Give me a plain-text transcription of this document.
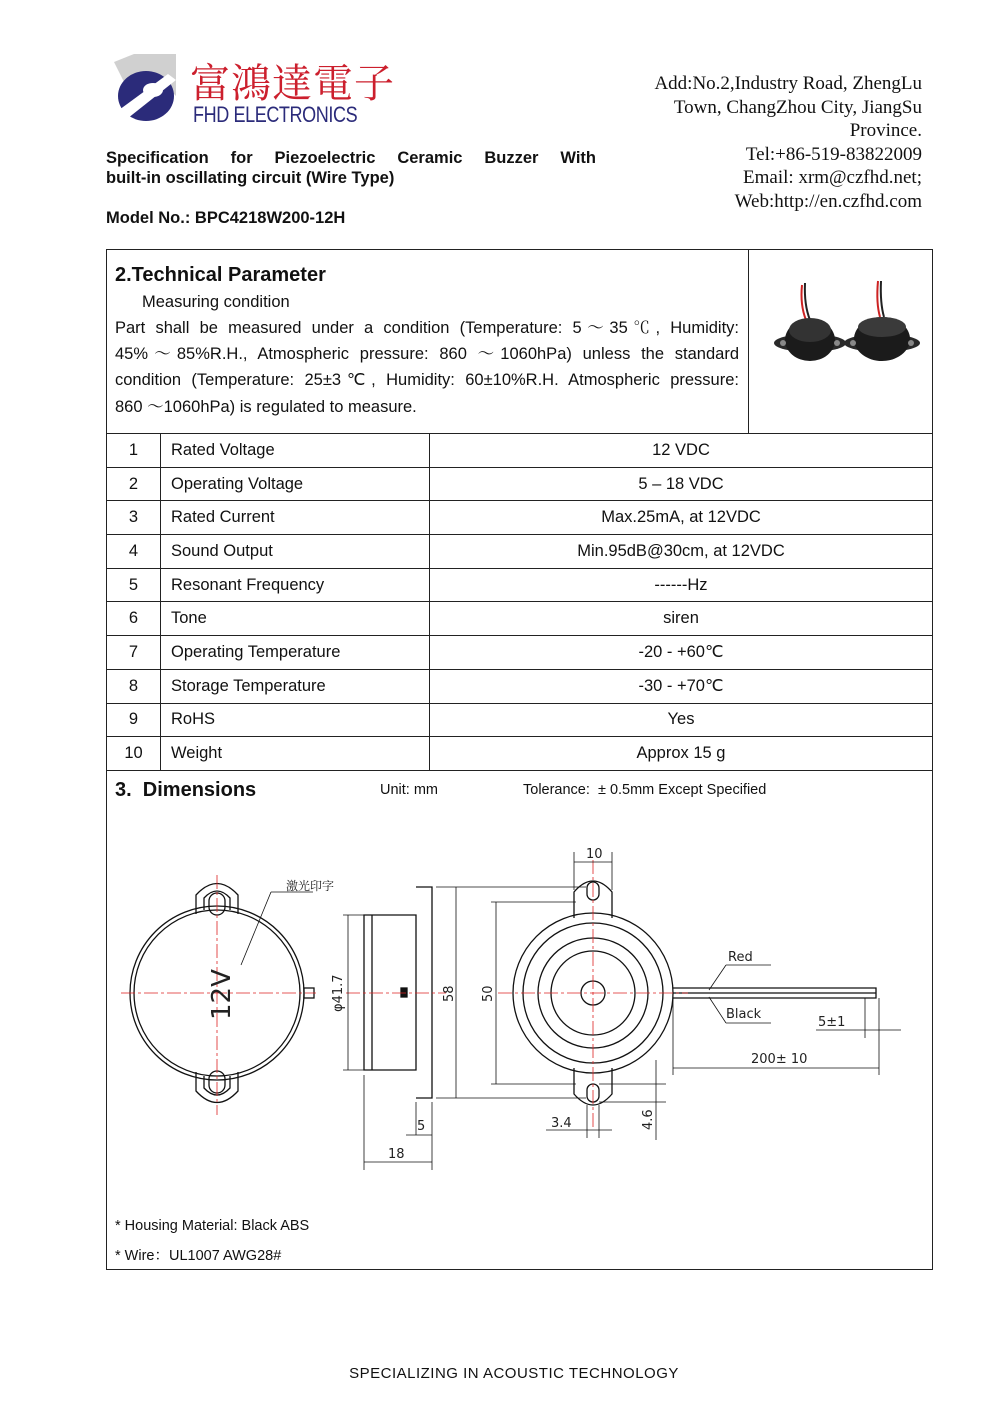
富鴻達電子
FHD ELECTRONICS
Add:No.2,Industry Road, ZhengLu
Town, ChangZhou City, JiangSu
Province.
Tel:+86-519-83822009
Email: xrm@czfhd.net;
Web:http://en.czfhd.com
Specification for Piezoelectric Ceramic Buzzer With
built-in oscillating circuit (Wire Type)
Model No.: BPC4218W200-12H
2.Technical Parameter
Measuring condition
Part shall be measured under a condition (Temperature: 5～35℃, Humidity:
45%～85%R.H., Atmospheric pressure: 860 ～1060hPa) unless the standard
condition (Temperature: 25±3℃, Humidity: 60±10%R.H. Atmospheric pressure:
860 ～1060hPa) is regulated to measure.
1	Rated Voltage	12 VDC
2	Operating Voltage	5 – 18 VDC
3	Rated Current	Max.25mA, at 12VDC
4	Sound Output	Min.95dB@30cm, at 12VDC
5	Resonant Frequency	------Hz
6	Tone	siren
7	Operating Temperature	-20 - +60℃
8	Storage Temperature	-30 - +70℃
9	RoHS	Yes
10	Weight	Approx 15 g
3.  Dimensions	Unit: mm	Tolerance:  ± 0.5mm Except Specified
激光印字
12V	φ41.7	58 50
5
18
10
3.4	4.6
Red
Black
5±1
200± 10
* Housing Material: Black ABS
* Wire：UL1007 AWG28#
SPECIALIZING IN ACOUSTIC TECHNOLOGY
